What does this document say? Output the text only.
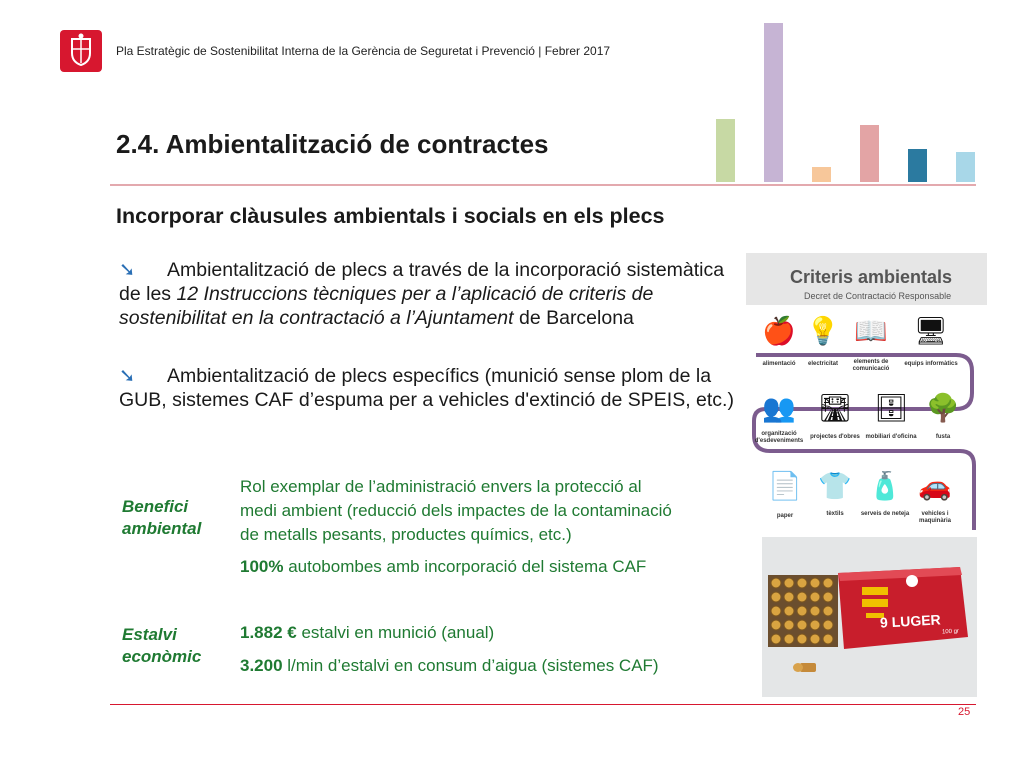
Pla Estratègic de Sostenibilitat Interna de la Gerència de Seguretat i Prevenció | Febrer 2017
2.4. Ambientalització de contractes
Incorporar clàusules ambientals i socials en els plecs
➘ Ambientalització de plecs a través de la incorporació sistemàtica de les 12 Instruccions tècniques per a l’aplicació de criteris de sostenibilitat en la contractació a l’Ajuntament de Barcelona
➘ Ambientalització de plecs específics (munició sense plom de la GUB, sistemes CAF d’espuma per a vehicles d'extinció de SPEIS, etc.)
Benefici
ambiental
Rol exemplar de l’administració envers la protecció al
medi ambient (reducció dels impactes de la contaminació
de metalls pesants, productes químics, etc.)
100% autobombes amb incorporació del sistema CAF
Estalvi
econòmic
1.882 € estalvi en munició (anual)
3.200 l/min d’estalvi en consum d’aigua (sistemes CAF)
Criteris ambientals
Decret de Contractació Responsable
🍎 💡 📖 🖥
alimentació	electricitat	elements de comunicació
equips informàtics
👥 🛣 🗄 🌳
organització d'esdeveniments
projectes d'obres mobiliari d'oficina	fusta
📄 👕 🧴 🚗
paper	tèxtils	serveis de neteja	vehicles i maquinària
9 LUGER
100 gr
25
